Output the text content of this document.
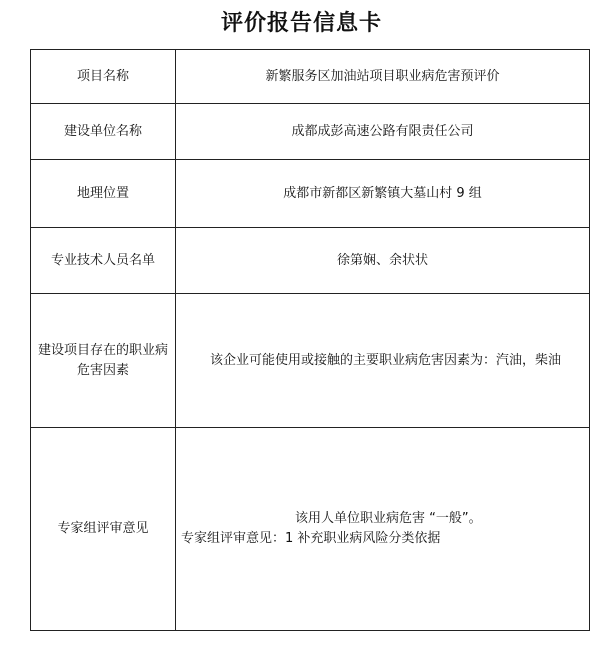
评价报告信息卡
项目名称	新繁服务区加油站项目职业病危害预评价
建设单位名称	成都成彭高速公路有限责任公司
地理位置	成都市新都区新繁镇大墓山村 9 组
专业技术人员名单	徐第娴、余状状
建设项目存在的职业病危害因素	该企业可能使用或接触的主要职业病危害因素为：汽油，柴油
专家组评审意见	该用人单位职业病危害 “一般”。
专家组评审意见：1 补充职业病风险分类依据
